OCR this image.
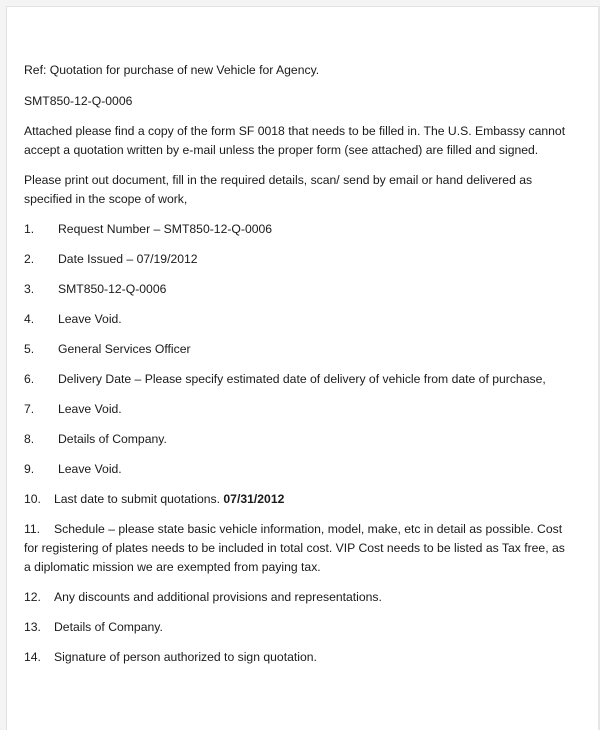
Ref: Quotation for purchase of new Vehicle for Agency.

SMT850-12-Q-0006

Attached please find a copy of the form SF 0018 that needs to be filled in. The U.S. Embassy cannot accept a quotation written by e-mail unless the proper form (see attached) are filled and signed.

Please print out document, fill in the required details, scan/ send by email or hand delivered as specified in the scope of work,

1.	Request Number – SMT850-12-Q-0006
2.	Date Issued – 07/19/2012
3.	SMT850-12-Q-0006
4.	Leave Void.
5.	General Services Officer
6.	Delivery Date – Please specify estimated date of delivery of vehicle from date of purchase,
7.	Leave Void.
8.	Details of Company.
9.	Leave Void.
10.	Last date to submit quotations. 07/31/2012
11. Schedule – please state basic vehicle information, model, make, etc in detail as possible. Cost for registering of plates needs to be included in total cost. VIP Cost needs to be listed as Tax free, as a diplomatic mission we are exempted from paying tax.
12.	Any discounts and additional provisions and representations.
13.	Details of Company.
14.	Signature of person authorized to sign quotation.
